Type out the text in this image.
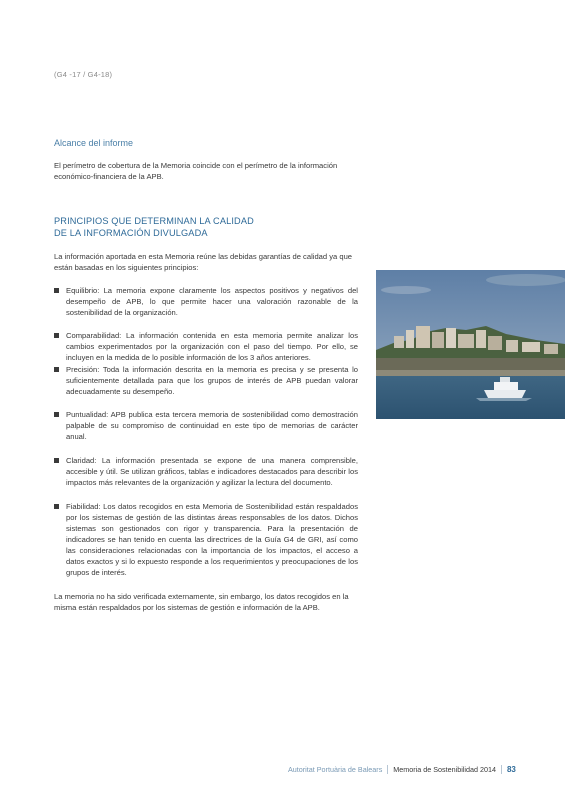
(G4 -17 / G4-18)
Alcance del informe
El perímetro de cobertura de la Memoria coincide con el perímetro de la información económico-financiera de la APB.
PRINCIPIOS QUE DETERMINAN LA CALIDAD
DE LA INFORMACIÓN DIVULGADA
La información aportada en esta Memoria reúne las debidas garantías de calidad ya que están basadas en los siguientes principios:
Equilibrio: La memoria expone claramente los aspectos positivos y negativos del desempeño de APB, lo que permite hacer una valoración razonable de la sostenibilidad de la organización.
Comparabilidad: La información contenida en esta memoria permite analizar los cambios experimentados por la organización con el paso del tiempo. Por ello, se incluyen en la medida de lo posible información de los 3 años anteriores.
Precisión: Toda la información descrita en la memoria es precisa y se presenta lo suficientemente detallada para que los grupos de interés de APB puedan valorar adecuadamente su desempeño.
Puntualidad: APB publica esta tercera memoria de sostenibilidad como demostración palpable de su compromiso de continuidad en este tipo de memorias de carácter anual.
Claridad: La información presentada se expone de una manera comprensible, accesible y útil. Se utilizan gráficos, tablas e indicadores destacados para describir los impactos más relevantes de la organización y agilizar la lectura del documento.
Fiabilidad: Los datos recogidos en esta Memoria de Sostenibilidad están respaldados por los sistemas de gestión de las distintas áreas responsables de los datos. Dichos sistemas son gestionados con rigor y transparencia. Para la presentación de indicadores se han tenido en cuenta las directrices de la Guía G4 de GRI, así como las consideraciones relacionadas con la importancia de los impactos, el acceso a datos exactos y si lo expuesto responde a los requerimientos y preocupaciones de los grupos de interés.
La memoria no ha sido verificada externamente, sin embargo, los datos recogidos en la misma están respaldados por los sistemas de gestión e información de la APB.
Autoritat Portuària de Balears Memoria de Sostenibilidad 2014 83
